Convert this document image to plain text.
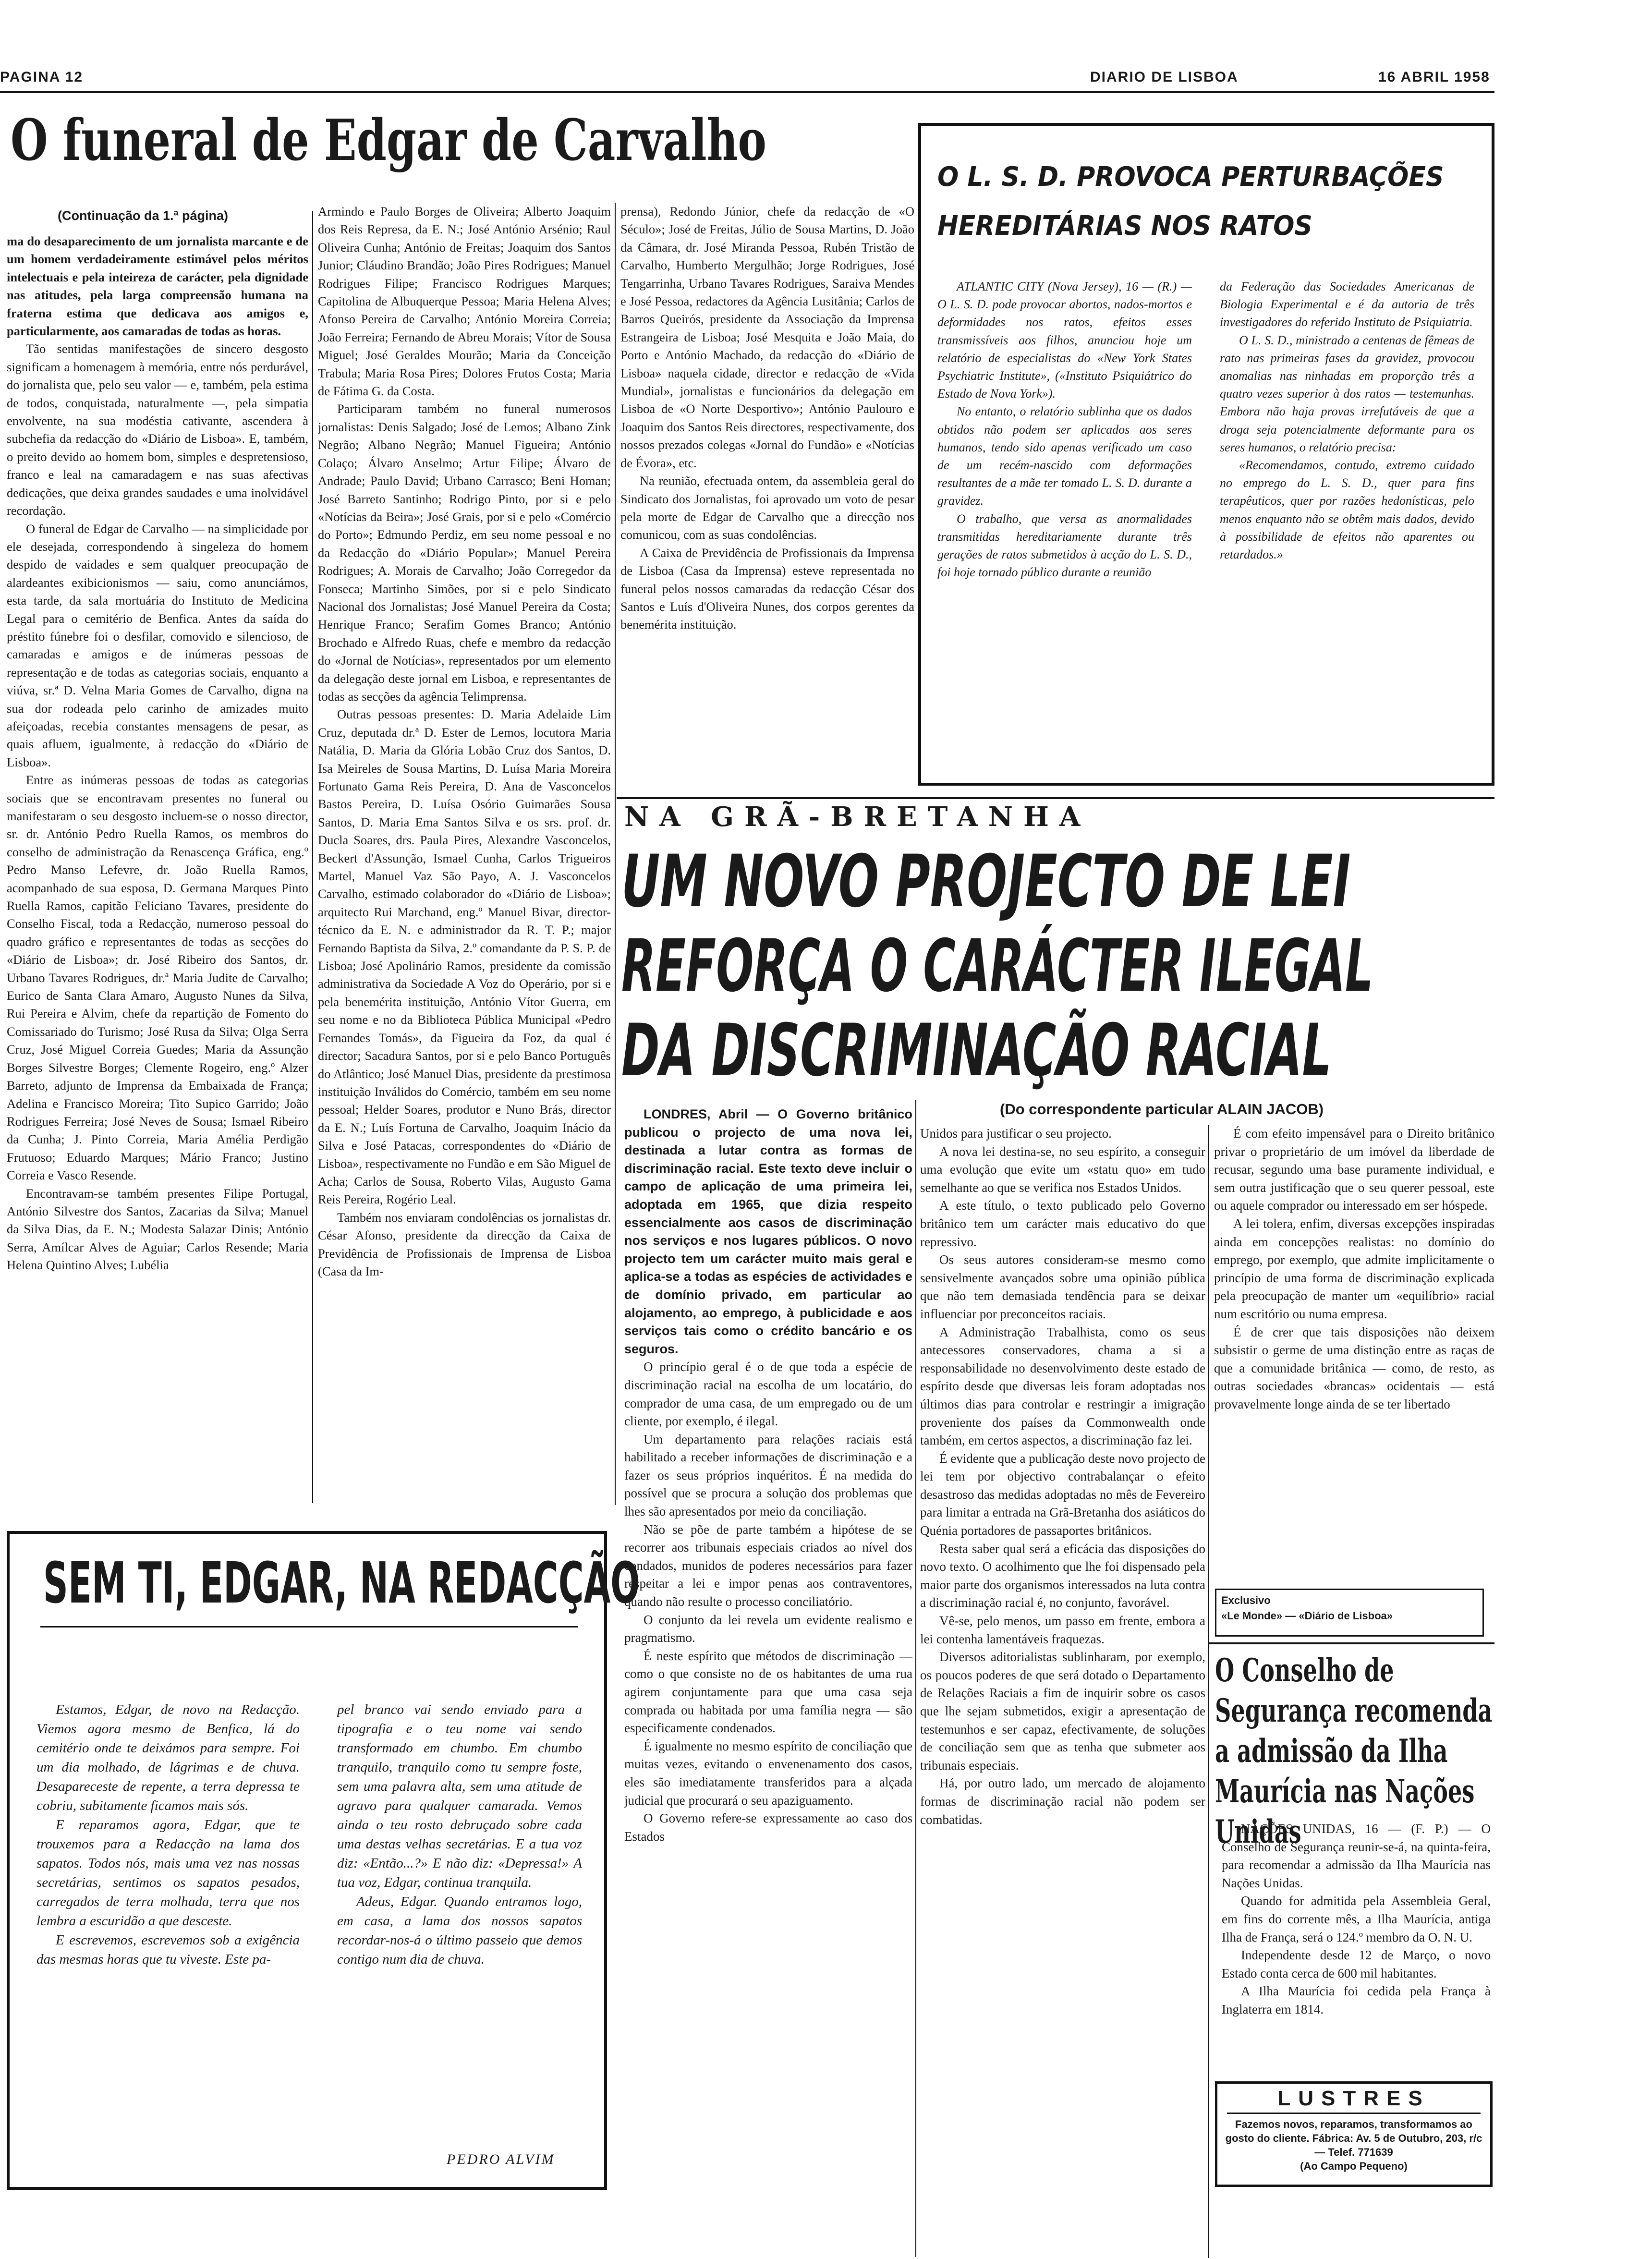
PAGINA 12	DIARIO DE LISBOA	16 ABRIL 1958
O funeral de Edgar de Carvalho
(Continuação da 1.ª página)

ma do desaparecimento de um jornalista marcante e de um homem verdadeiramente estimável pelos méritos intelectuais e pela inteireza de carácter, pela dignidade nas atitudes, pela larga compreensão humana na fraterna estima que dedicava aos amigos e, particularmente, aos camaradas de todas as horas.

Tão sentidas manifestações de sincero desgosto significam a homenagem à memória, entre nós perdurável, do jornalista que, pelo seu valor — e, também, pela estima de todos, conquistada, naturalmente —, pela simpatia envolvente, na sua modéstia cativante, ascendera à subchefia da redacção do «Diário de Lisboa». E, também, o preito devido ao homem bom, simples e despretensioso, franco e leal na camaradagem e nas suas afectivas dedicações, que deixa grandes saudades e uma inolvidável recordação.

O funeral de Edgar de Carvalho — na simplicidade por ele desejada, correspondendo à singeleza do homem despido de vaidades e sem qualquer preocupação de alardeantes exibicionismos — saiu, como anunciámos, esta tarde, da sala mortuária do Instituto de Medicina Legal para o cemitério de Benfica. Antes da saída do préstito fúnebre foi o desfilar, comovido e silencioso, de camaradas e amigos e de inúmeras pessoas de representação e de todas as categorias sociais, enquanto a viúva, sr.ª D. Velna Maria Gomes de Carvalho, digna na sua dor rodeada pelo carinho de amizades muito afeiçoadas, recebia constantes mensagens de pesar, as quais afluem, igualmente, à redacção do «Diário de Lisboa».

Entre as inúmeras pessoas de todas as categorias sociais que se encontravam presentes no funeral ou manifestaram o seu desgosto incluem-se o nosso director, sr. dr. António Pedro Ruella Ramos, os membros do conselho de administração da Renascença Gráfica, eng.º Pedro Manso Lefevre, dr. João Ruella Ramos, acompanhado de sua esposa, D. Germana Marques Pinto Ruella Ramos, capitão Feliciano Tavares, presidente do Conselho Fiscal, toda a Redacção, numeroso pessoal do quadro gráfico e representantes de todas as secções do «Diário de Lisboa»; dr. José Ribeiro dos Santos, dr. Urbano Tavares Rodrigues, dr.ª Maria Judite de Carvalho; Eurico de Santa Clara Amaro, Augusto Nunes da Silva, Rui Pereira e Alvim, chefe da repartição de Fomento do Comissariado do Turismo; José Rusa da Silva; Olga Serra Cruz, José Miguel Correia Guedes; Maria da Assunção Borges Silvestre Borges; Clemente Rogeiro, eng.º Alzer Barreto, adjunto de Imprensa da Embaixada de França; Adelina e Francisco Moreira; Tito Supico Garrido; João Rodrigues Ferreira; José Neves de Sousa; Ismael Ribeiro da Cunha; J. Pinto Correia, Maria Amélia Perdigão Frutuoso; Eduardo Marques; Mário Franco; Justino Correia e Vasco Resende.

Encontravam-se também presentes Filipe Portugal, António Silvestre dos Santos, Zacarias da Silva; Manuel da Silva Dias, da E. N.; Modesta Salazar Dinis; António Serra, Amílcar Alves de Aguiar; Carlos Resende; Maria Helena Quintino Alves; Lubélia

Armindo e Paulo Borges de Oliveira; Alberto Joaquim dos Reis Represa, da E. N.; José António Arsénio; Raul Oliveira Cunha; António de Freitas; Joaquim dos Santos Junior; Cláudino Brandão; João Pires Rodrigues; Manuel Rodrigues Filipe; Francisco Rodrigues Marques; Capitolina de Albuquerque Pessoa; Maria Helena Alves; Afonso Pereira de Carvalho; António Moreira Correia; João Ferreira; Fernando de Abreu Morais; Vítor de Sousa Miguel; José Geraldes Mourão; Maria da Conceição Trabula; Maria Rosa Pires; Dolores Frutos Costa; Maria de Fátima G. da Costa.

Participaram também no funeral numerosos jornalistas: Denis Salgado; José de Lemos; Albano Zink Negrão; Albano Negrão; Manuel Figueira; António Colaço; Álvaro Anselmo; Artur Filipe; Álvaro de Andrade; Paulo David; Urbano Carrasco; Beni Homan; José Barreto Santinho; Rodrigo Pinto, por si e pelo «Notícias da Beira»; José Grais, por si e pelo «Comércio do Porto»; Edmundo Perdiz, em seu nome pessoal e no da Redacção do «Diário Popular»; Manuel Pereira Rodrigues; A. Morais de Carvalho; João Corregedor da Fonseca; Martinho Simões, por si e pelo Sindicato Nacional dos Jornalistas; José Manuel Pereira da Costa; Henrique Franco; Serafim Gomes Branco; António Brochado e Alfredo Ruas, chefe e membro da redacção do «Jornal de Notícias», representados por um elemento da delegação deste jornal em Lisboa, e representantes de todas as secções da agência Telimprensa.

Outras pessoas presentes: D. Maria Adelaide Lim Cruz, deputada dr.ª D. Ester de Lemos, locutora Maria Natália, D. Maria da Glória Lobão Cruz dos Santos, D. Isa Meireles de Sousa Martins, D. Luísa Maria Moreira Fortunato Gama Reis Pereira, D. Ana de Vasconcelos Bastos Pereira, D. Luísa Osório Guimarães Sousa Santos, D. Maria Ema Santos Silva e os srs. prof. dr. Ducla Soares, drs. Paula Pires, Alexandre Vasconcelos, Beckert d'Assunção, Ismael Cunha, Carlos Trigueiros Martel, Manuel Vaz São Payo, A. J. Vasconcelos Carvalho, estimado colaborador do «Diário de Lisboa»; arquitecto Rui Marchand, eng.º Manuel Bivar, director-técnico da E. N. e administrador da R. T. P.; major Fernando Baptista da Silva, 2.º comandante da P. S. P. de Lisboa; José Apolinário Ramos, presidente da comissão administrativa da Sociedade A Voz do Operário, por si e pela benemérita instituição, António Vítor Guerra, em seu nome e no da Biblioteca Pública Municipal «Pedro Fernandes Tomás», da Figueira da Foz, da qual é director; Sacadura Santos, por si e pelo Banco Português do Atlântico; José Manuel Dias, presidente da prestimosa instituição Inválidos do Comércio, também em seu nome pessoal; Helder Soares, produtor e Nuno Brás, director da E. N.; Luís Fortuna de Carvalho, Joaquim Inácio da Silva e José Patacas, correspondentes do «Diário de Lisboa», respectivamente no Fundão e em São Miguel de Acha; Carlos de Sousa, Roberto Vilas, Augusto Gama Reis Pereira, Rogério Leal.

Também nos enviaram condolências os jornalistas dr. César Afonso, presidente da direcção da Caixa de Previdência de Profissionais de Imprensa de Lisboa (Casa da Im-

prensa), Redondo Júnior, chefe da redacção de «O Século»; José de Freitas, Júlio de Sousa Martins, D. João da Câmara, dr. José Miranda Pessoa, Rubén Tristão de Carvalho, Humberto Mergulhão; Jorge Rodrigues, José Tengarrinha, Urbano Tavares Rodrigues, Saraiva Mendes e José Pessoa, redactores da Agência Lusitânia; Carlos de Barros Queirós, presidente da Associação da Imprensa Estrangeira de Lisboa; José Mesquita e João Maia, do Porto e António Machado, da redacção do «Diário de Lisboa» naquela cidade, director e redacção de «Vida Mundial», jornalistas e funcionários da delegação em Lisboa de «O Norte Desportivo»; António Paulouro e Joaquim dos Santos Reis directores, respectivamente, dos nossos prezados colegas «Jornal do Fundão» e «Notícias de Évora», etc.

Na reunião, efectuada ontem, da assembleia geral do Sindicato dos Jornalistas, foi aprovado um voto de pesar pela morte de Edgar de Carvalho que a direcção nos comunicou, com as suas condolências.

A Caixa de Previdência de Profissionais da Imprensa de Lisboa (Casa da Imprensa) esteve representada no funeral pelos nossos camaradas da redacção César dos Santos e Luís d'Oliveira Nunes, dos corpos gerentes da benemérita instituição.

O L. S. D. PROVOCA PERTURBAÇÕES
HEREDITÁRIAS NOS RATOS

ATLANTIC CITY (Nova Jersey), 16 — (R.) — O L. S. D. pode provocar abortos, nados-mortos e deformidades nos ratos, efeitos esses transmissíveis aos filhos, anunciou hoje um relatório de especialistas do «New York States Psychiatric Institute», («Instituto Psiquiátrico do Estado de Nova York»).

No entanto, o relatório sublinha que os dados obtidos não podem ser aplicados aos seres humanos, tendo sido apenas verificado um caso de um recém-nascido com deformações resultantes de a mãe ter tomado L. S. D. durante a gravidez.

O trabalho, que versa as anormalidades transmitidas hereditariamente durante três gerações de ratos submetidos à acção do L. S. D., foi hoje tornado público durante a reunião

da Federação das Sociedades Americanas de Biologia Experimental e é da autoria de três investigadores do referido Instituto de Psiquiatria.

O L. S. D., ministrado a centenas de fêmeas de rato nas primeiras fases da gravidez, provocou anomalias nas ninhadas em proporção três a quatro vezes superior à dos ratos — testemunhas. Embora não haja provas irrefutáveis de que a droga seja potencialmente deformante para os seres humanos, o relatório precisa:

«Recomendamos, contudo, extremo cuidado no emprego do L. S. D., quer para fins terapêuticos, quer por razões hedonísticas, pelo menos enquanto não se obtêm mais dados, devido à possibilidade de efeitos não aparentes ou retardados.»

NA GRÃ-BRETANHA
UM NOVO PROJECTO DE LEI
REFORÇA O CARÁCTER ILEGAL
DA DISCRIMINAÇÃO RACIAL
(Do correspondente particular ALAIN JACOB)

LONDRES, Abril — O Governo britânico publicou o projecto de uma nova lei, destinada a lutar contra as formas de discriminação racial. Este texto deve incluir o campo de aplicação de uma primeira lei, adoptada em 1965, que dizia respeito essencialmente aos casos de discriminação nos serviços e nos lugares públicos. O novo projecto tem um carácter muito mais geral e aplica-se a todas as espécies de actividades e de domínio privado, em particular ao alojamento, ao emprego, à publicidade e aos serviços tais como o crédito bancário e os seguros.

O princípio geral é o de que toda a espécie de discriminação racial na escolha de um locatário, do comprador de uma casa, de um empregado ou de um cliente, por exemplo, é ilegal.

Um departamento para relações raciais está habilitado a receber informações de discriminação e a fazer os seus próprios inquéritos. É na medida do possível que se procura a solução dos problemas que lhes são apresentados por meio da conciliação.

Não se põe de parte também a hipótese de se recorrer aos tribunais especiais criados ao nível dos condados, munidos de poderes necessários para fazer respeitar a lei e impor penas aos contraventores, quando não resulte o processo conciliatório.

O conjunto da lei revela um evidente realismo e pragmatismo.

É neste espírito que métodos de discriminação — como o que consiste no de os habitantes de uma rua agirem conjuntamente para que uma casa seja comprada ou habitada por uma família negra — são especificamente condenados.

É igualmente no mesmo espírito de conciliação que muitas vezes, evitando o envenenamento dos casos, eles são imediatamente transferidos para a alçada judicial que procurará o seu apaziguamento.

O Governo refere-se expressamente ao caso dos Estados

Unidos para justificar o seu projecto.

A nova lei destina-se, no seu espírito, a conseguir uma evolução que evite um «statu quo» em tudo semelhante ao que se verifica nos Estados Unidos.

A este título, o texto publicado pelo Governo britânico tem um carácter mais educativo do que repressivo.

Os seus autores consideram-se mesmo como sensivelmente avançados sobre uma opinião pública que não tem demasiada tendência para se deixar influenciar por preconceitos raciais.

A Administração Trabalhista, como os seus antecessores conservadores, chama a si a responsabilidade no desenvolvimento deste estado de espírito desde que diversas leis foram adoptadas nos últimos dias para controlar e restringir a imigração proveniente dos países da Commonwealth onde também, em certos aspectos, a discriminação faz lei.

É evidente que a publicação deste novo projecto de lei tem por objectivo contrabalançar o efeito desastroso das medidas adoptadas no mês de Fevereiro para limitar a entrada na Grã-Bretanha dos asiáticos do Quénia portadores de passaportes britânicos.

Resta saber qual será a eficácia das disposições do novo texto. O acolhimento que lhe foi dispensado pela maior parte dos organismos interessados na luta contra a discriminação racial é, no conjunto, favorável.

Vê-se, pelo menos, um passo em frente, embora a lei contenha lamentáveis fraquezas.

Diversos aditorialistas sublinharam, por exemplo, os poucos poderes de que será dotado o Departamento de Relações Raciais a fim de inquirir sobre os casos que lhe sejam submetidos, exigir a apresentação de testemunhos e ser capaz, efectivamente, de soluções de conciliação sem que as tenha que submeter aos tribunais especiais.

Há, por outro lado, um mercado de alojamento formas de discriminação racial não podem ser combatidas.

É com efeito impensável para o Direito britânico privar o proprietário de um imóvel da liberdade de recusar, segundo uma base puramente individual, e sem outra justificação que o seu querer pessoal, este ou aquele comprador ou interessado em ser hóspede.

A lei tolera, enfim, diversas excepções inspiradas ainda em concepções realistas: no domínio do emprego, por exemplo, que admite implicitamente o princípio de uma forma de discriminação explicada pela preocupação de manter um «equilíbrio» racial num escritório ou numa empresa.

É de crer que tais disposições não deixem subsistir o germe de uma distinção entre as raças de que a comunidade britânica — como, de resto, as outras sociedades «brancas» ocidentais — está provavelmente longe ainda de se ter libertado

Exclusivo
«Le Monde» — «Diário de Lisboa»
O Conselho de Segurança recomenda a admissão da Ilha Maurícia nas Nações Unidas

NAÇÕES UNIDAS, 16 — (F. P.) — O Conselho de Segurança reunir-se-á, na quinta-feira, para recomendar a admissão da Ilha Maurícia nas Nações Unidas.

Quando for admitida pela Assembleia Geral, em fins do corrente mês, a Ilha Maurícia, antiga Ilha de França, será o 124.º membro da O. N. U.

Independente desde 12 de Março, o novo Estado conta cerca de 600 mil habitantes.

A Ilha Maurícia foi cedida pela França à Inglaterra em 1814.

LUSTRES
Fazemos novos, reparamos, transformamos ao gosto do cliente. Fábrica: Av. 5 de Outubro, 203, r/c — Telef. 771639
(Ao Campo Pequeno)
SEM TI, EDGAR, NA REDACÇÃO

Estamos, Edgar, de novo na Redacção. Viemos agora mesmo de Benfica, lá do cemitério onde te deixámos para sempre. Foi um dia molhado, de lágrimas e de chuva. Desapareceste de repente, a terra depressa te cobriu, subitamente ficamos mais sós.

E reparamos agora, Edgar, que te trouxemos para a Redacção na lama dos sapatos. Todos nós, mais uma vez nas nossas secretárias, sentimos os sapatos pesados, carregados de terra molhada, terra que nos lembra a escuridão a que desceste.

E escrevemos, escrevemos sob a exigência das mesmas horas que tu viveste. Este pa-

pel branco vai sendo enviado para a tipografia e o teu nome vai sendo transformado em chumbo. Em chumbo tranquilo, tranquilo como tu sempre foste, sem uma palavra alta, sem uma atitude de agravo para qualquer camarada. Vemos ainda o teu rosto debruçado sobre cada uma destas velhas secretárias. E a tua voz diz: «Então...?» E não diz: «Depressa!» A tua voz, Edgar, continua tranquila.

Adeus, Edgar. Quando entramos logo, em casa, a lama dos nossos sapatos recordar-nos-á o último passeio que demos contigo num dia de chuva.

PEDRO ALVIM
